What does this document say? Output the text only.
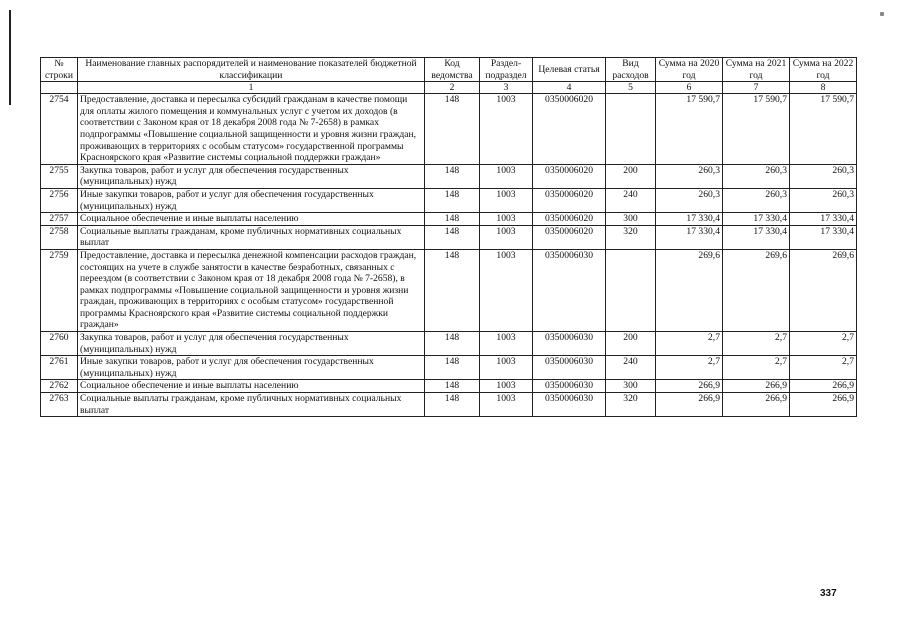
№ строки	Наименование главных распорядителей и наименование показателей бюджетной классификации	Код ведомства	Раздел-подраздел	Целевая статья	Вид расходов	Сумма на 2020 год	Сумма на 2021 год	Сумма на 2022 год
	1	2	3	4	5	6	7	8
2754	Предоставление, доставка и пересылка субсидий гражданам в качестве помощи для оплаты жилого помещения и коммунальных услуг с учетом их доходов (в соответствии с Законом края от 18 декабря 2008 года № 7-2658) в рамках подпрограммы «Повышение социальной защищенности и уровня жизни граждан, проживающих в территориях с особым статусом» государственной программы Красноярского края «Развитие системы социальной поддержки граждан»	148	1003	0350006020		17 590,7	17 590,7	17 590,7
2755	Закупка товаров, работ и услуг для обеспечения государственных (муниципальных) нужд	148	1003	0350006020	200	260,3	260,3	260,3
2756	Иные закупки товаров, работ и услуг для обеспечения государственных (муниципальных) нужд	148	1003	0350006020	240	260,3	260,3	260,3
2757	Социальное обеспечение и иные выплаты населению	148	1003	0350006020	300	17 330,4	17 330,4	17 330,4
2758	Социальные выплаты гражданам, кроме публичных нормативных социальных выплат	148	1003	0350006020	320	17 330,4	17 330,4	17 330,4
2759	Предоставление, доставка и пересылка денежной компенсации расходов граждан, состоящих на учете в службе занятости в качестве безработных, связанных с переездом (в соответствии с Законом края от 18 декабря 2008 года № 7-2658), в рамках подпрограммы «Повышение социальной защищенности и уровня жизни граждан, проживающих в территориях с особым статусом» государственной программы Красноярского края «Развитие системы социальной поддержки граждан»	148	1003	0350006030		269,6	269,6	269,6
2760	Закупка товаров, работ и услуг для обеспечения государственных (муниципальных) нужд	148	1003	0350006030	200	2,7	2,7	2,7
2761	Иные закупки товаров, работ и услуг для обеспечения государственных (муниципальных) нужд	148	1003	0350006030	240	2,7	2,7	2,7
2762	Социальное обеспечение и иные выплаты населению	148	1003	0350006030	300	266,9	266,9	266,9
2763	Социальные выплаты гражданам, кроме публичных нормативных социальных выплат	148	1003	0350006030	320	266,9	266,9	266,9
337
